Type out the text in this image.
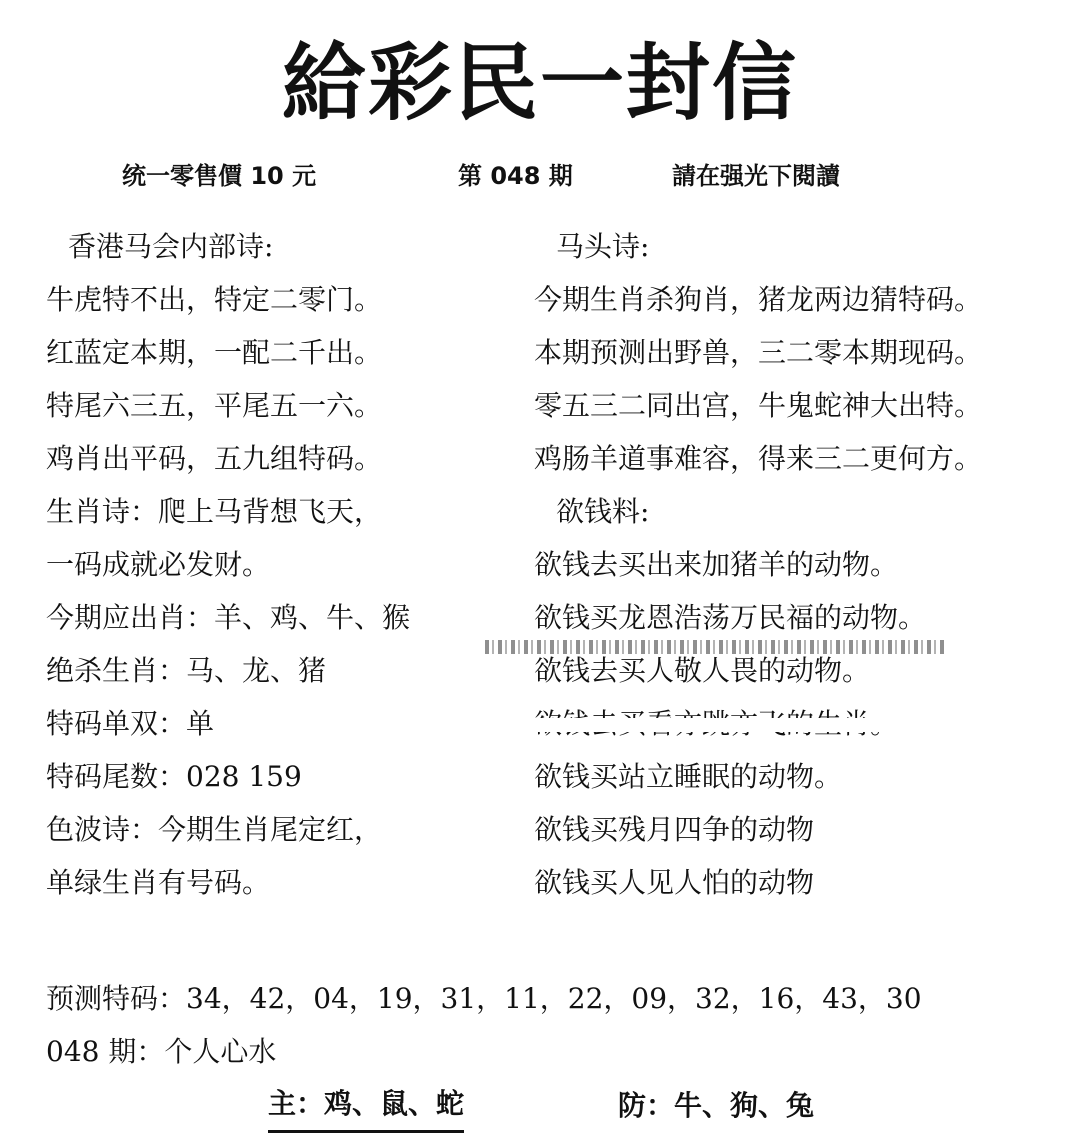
給彩民一封信
统一零售價 10 元	第 048 期	請在强光下閱讀
香港马会内部诗:
牛虎特不出，特定二零门。
红蓝定本期，一配二千出。
特尾六三五，平尾五一六。
鸡肖出平码，五九组特码。
生肖诗：爬上马背想飞天，
一码成就必发财。
今期应出肖：羊、鸡、牛、猴
绝杀生肖：马、龙、猪
特码单双：单
特码尾数：028 159
色波诗：今期生肖尾定红，
单绿生肖有号码。
马头诗:
今期生肖杀狗肖，猪龙两边猜特码。
本期预测出野兽，三二零本期现码。
零五三二同出宫，牛鬼蛇神大出特。
鸡肠羊道事难容，得来三二更何方。
欲钱料:
欲钱去买出来加猪羊的动物。
欲钱买龙恩浩荡万民福的动物。
欲钱去买人敬人畏的动物。
欲钱买站立睡眠的动物。
欲钱买残月四争的动物
欲钱买人见人怕的动物
预测特码：34，42，04，19，31，11，22，09，32，16，43，30
048 期：个人心水
主：鸡、鼠、蛇	防：牛、狗、兔
